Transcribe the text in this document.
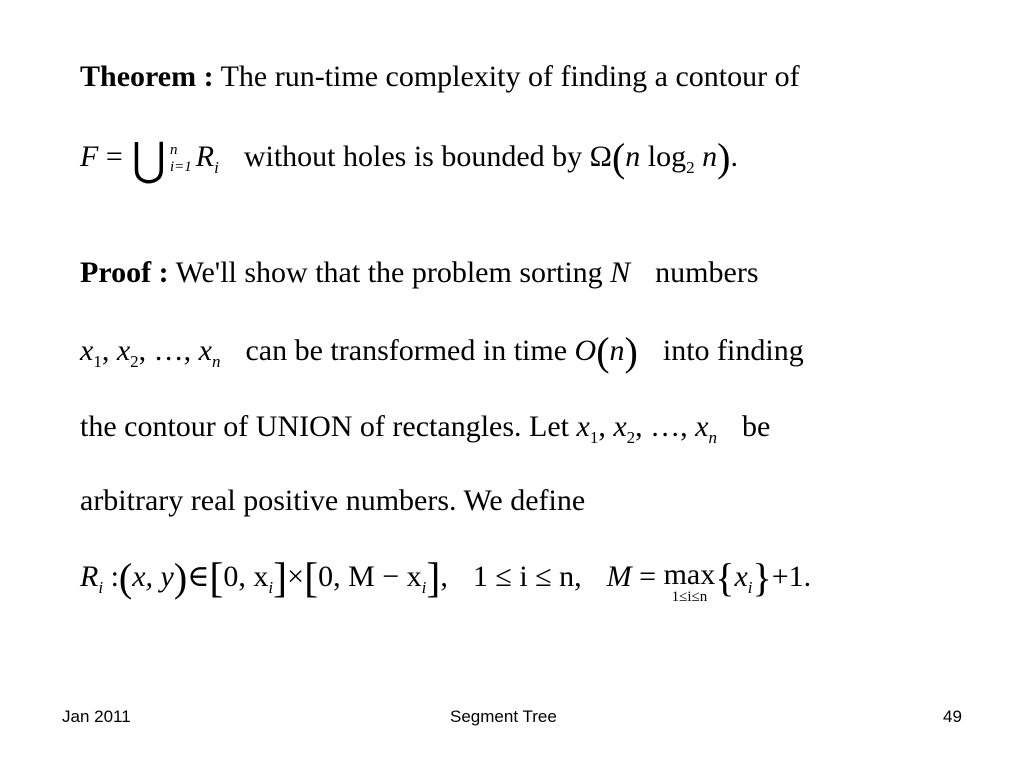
Theorem : The run-time complexity of finding a contour of
F = ⋃ n
i=1 $R_i$ without holes is bounded by Ω(n $\log_2 n$).
Proof : We'll show that the problem sorting N numbers
$x_1$, $x_2$, …, $x_n$ can be transformed in time O(n) into finding
the contour of UNION of rectangles. Let $x_1$, $x_2$, …, $x_n$ be
arbitrary real positive numbers. We define
$R_i$ :(x, y)∈[0, $x_i]\times[0$, $M - x_i$], 1 ≤ i ≤ n, M = max
1≤i≤n $\{x_i\}+1$.
Jan 2011	Segment Tree	49
